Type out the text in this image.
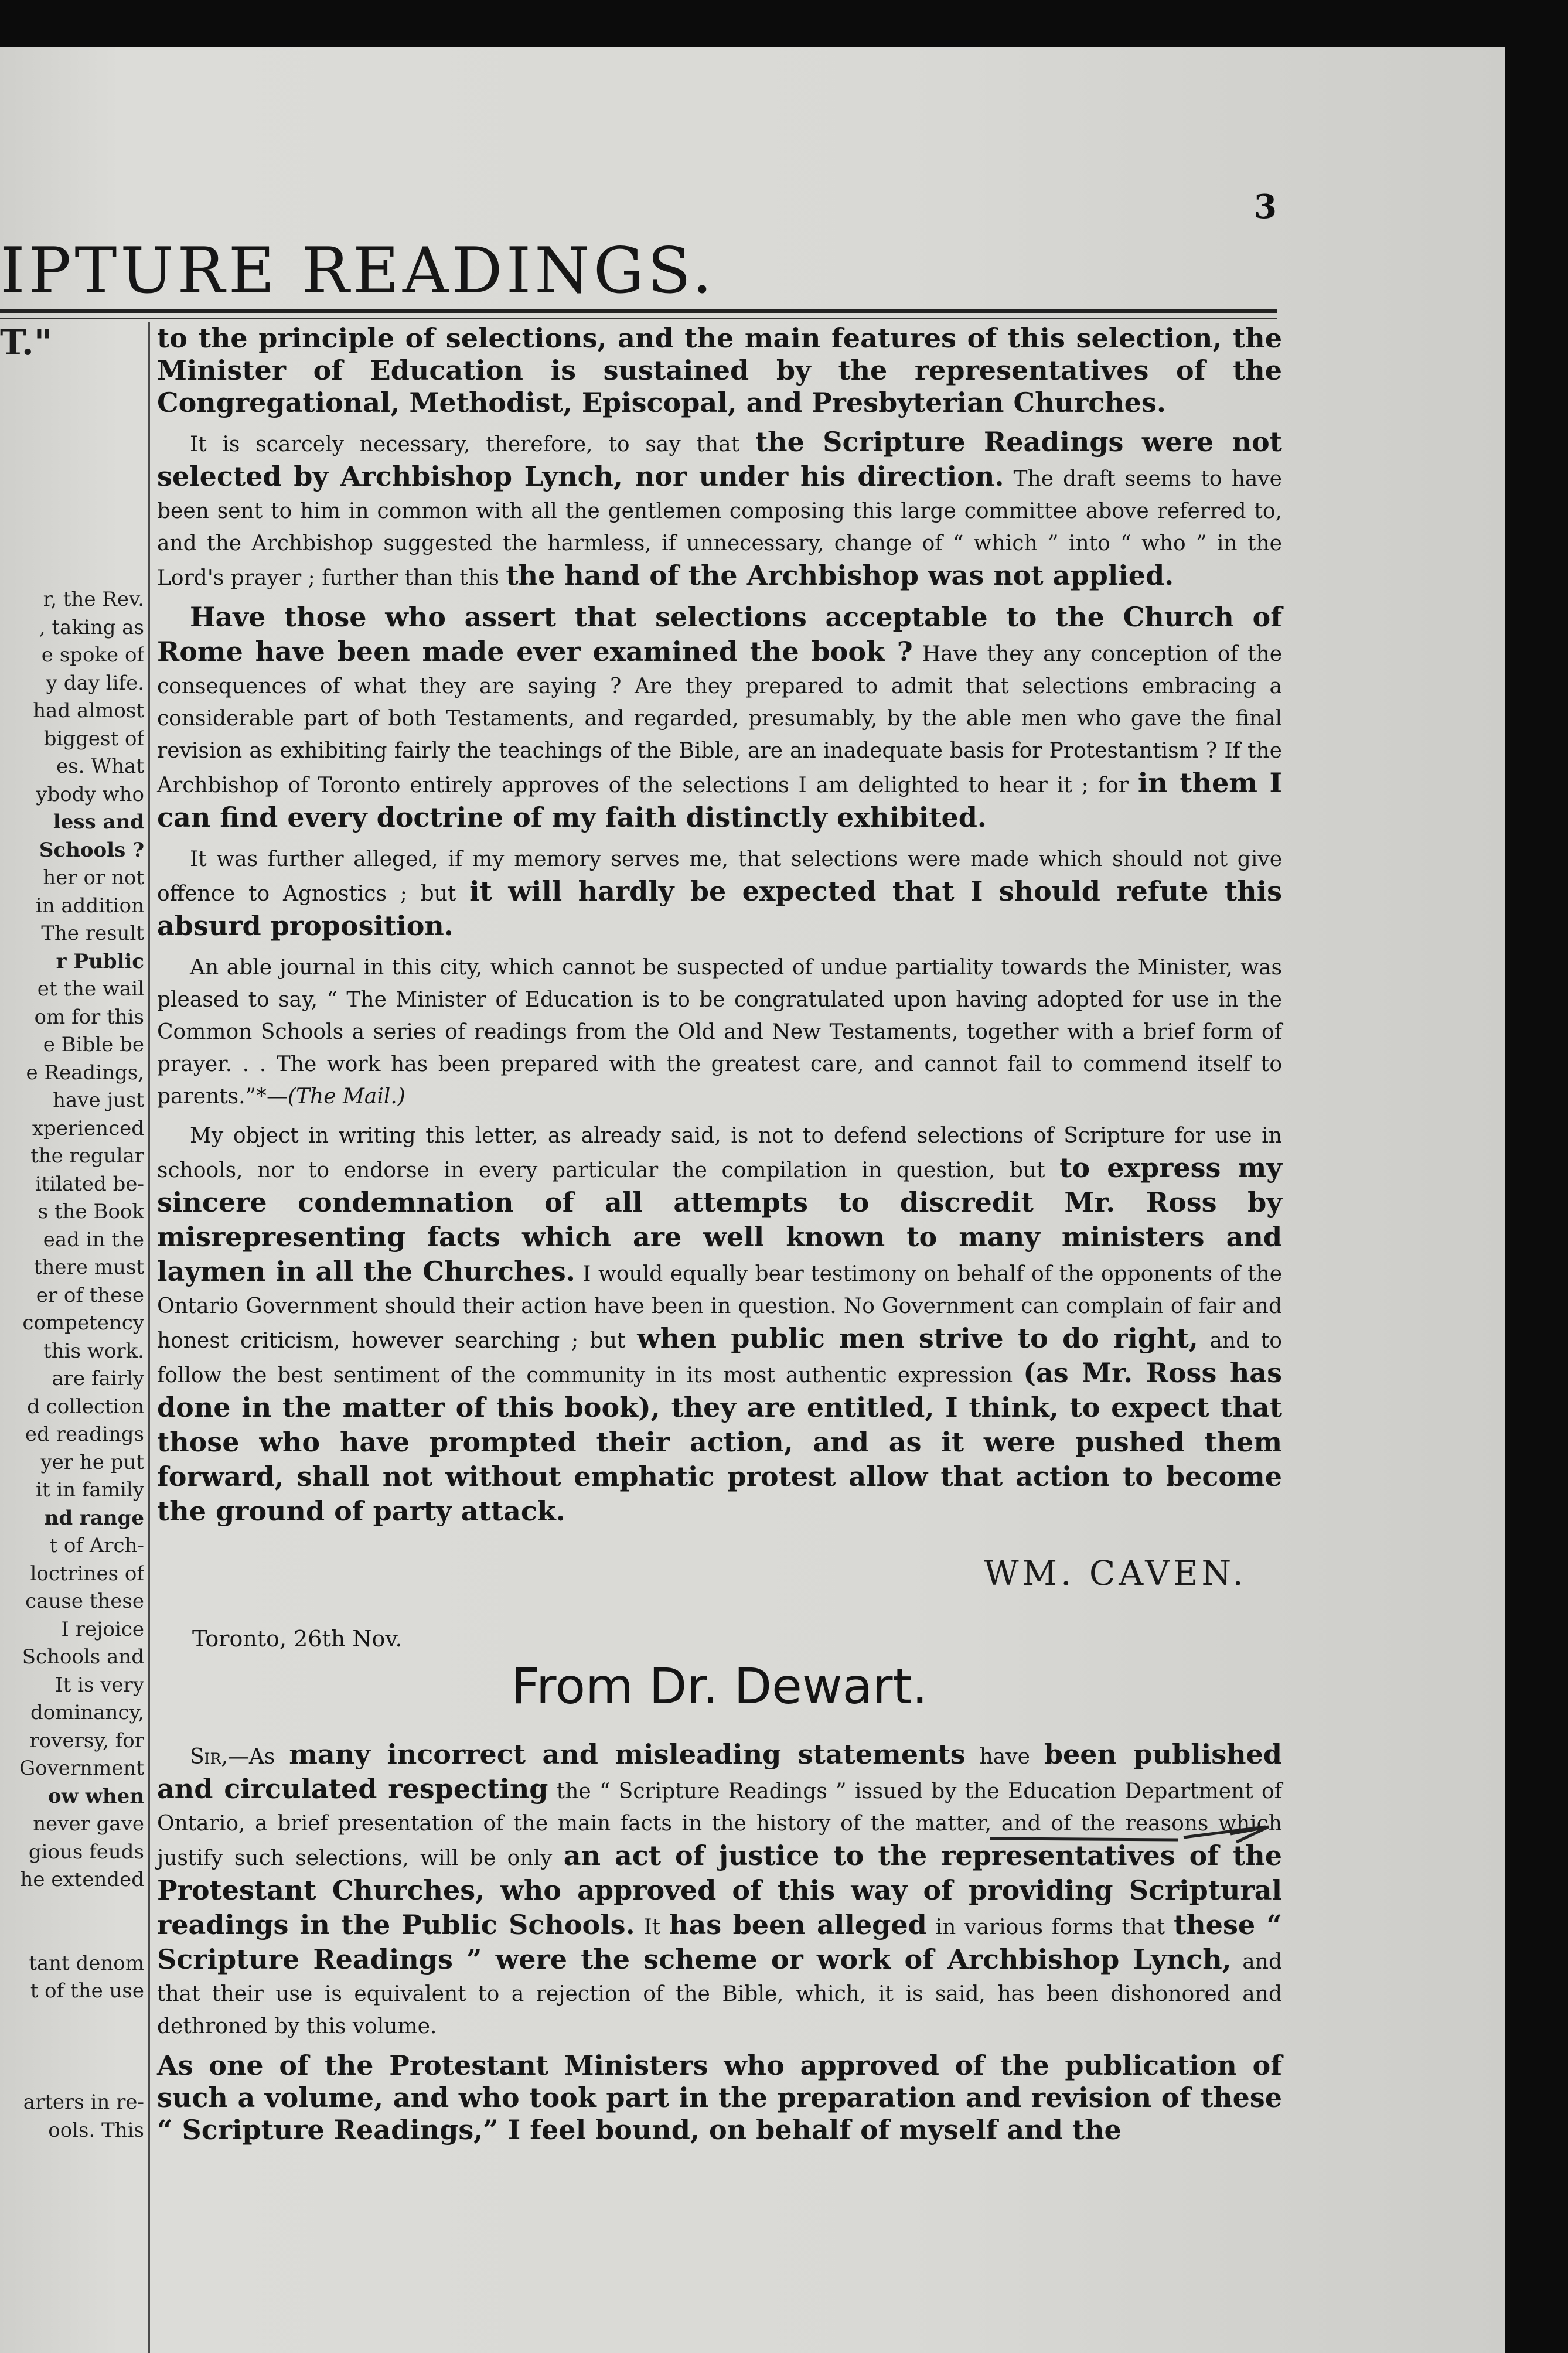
IPTURE READINGS.
3
T."
r, the Rev.
, taking as
e spoke of
y day life.
had almost
biggest of
es. What
ybody who
less and
Schools ?
her or not
in addition
The result
r Public
et the wail
om for this
e Bible be
e Readings,
have just
xperienced
the regular
itilated be-
s the Book
ead in the
there must
er of these
competency
this work.
are fairly
d collection
ed readings
yer he put
it in family
nd range
t of Arch-
loctrines of
cause these
I rejoice
Schools and
It is very
dominancy,
roversy, for
Government
ow when
never gave
gious feuds
he extended

tant denom
t of the use

arters in re-
ools. This

to the principle of selections, and the main features of this selection, the Minister of Education is sustained by the representatives of the Congregational, Methodist, Episcopal, and Presbyterian Churches.

It is scarcely necessary, therefore, to say that the Scripture Readings were not selected by Archbishop Lynch, nor under his direction. The draft seems to have been sent to him in common with all the gentlemen composing this large committee above referred to, and the Archbishop suggested the harmless, if unnecessary, change of “ which ” into “ who ” in the Lord's prayer ; further than this the hand of the Archbishop was not applied.

Have those who assert that selections acceptable to the Church of Rome have been made ever examined the book ? Have they any conception of the consequences of what they are saying ? Are they prepared to admit that selections embracing a considerable part of both Testaments, and regarded, presumably, by the able men who gave the final revision as exhibiting fairly the teachings of the Bible, are an inadequate basis for Protestantism ? If the Archbishop of Toronto entirely approves of the selections I am delighted to hear it ; for in them I can find every doctrine of my faith distinctly exhibited.

It was further alleged, if my memory serves me, that selections were made which should not give offence to Agnostics ; but it will hardly be expected that I should refute this absurd proposition.

An able journal in this city, which cannot be suspected of undue partiality towards the Minister, was pleased to say, “ The Minister of Education is to be congratulated upon having adopted for use in the Common Schools a series of readings from the Old and New Testaments, together with a brief form of prayer. . . The work has been prepared with the greatest care, and cannot fail to commend itself to parents.”*—(The Mail.)

My object in writing this letter, as already said, is not to defend selections of Scripture for use in schools, nor to endorse in every particular the compilation in question, but to express my sincere condemnation of all attempts to discredit Mr. Ross by misrepresenting facts which are well known to many ministers and laymen in all the Churches. I would equally bear testimony on behalf of the opponents of the Ontario Government should their action have been in question. No Government can complain of fair and honest criticism, however searching ; but when public men strive to do right, and to follow the best sentiment of the community in its most authentic expression (as Mr. Ross has done in the matter of this book), they are entitled, I think, to expect that those who have prompted their action, and as it were pushed them forward, shall not without emphatic protest allow that action to become the ground of party attack.

WM. CAVEN.
Toronto, 26th Nov.
From Dr. Dewart.

Sir,—As many incorrect and misleading statements have been published and circulated respecting the “ Scripture Readings ” issued by the Education Department of Ontario, a brief presentation of the main facts in the history of the matter, and of the reasons which justify such selections, will be only an act of justice to the representatives of the Protestant Churches, who approved of this way of providing Scriptural readings in the Public Schools. It has been alleged in various forms that these “ Scripture Readings ” were the scheme or work of Archbishop Lynch, and that their use is equivalent to a rejection of the Bible, which, it is said, has been dishonored and dethroned by this volume.

As one of the Protestant Ministers who approved of the publication of such a volume, and who took part in the preparation and revision of these “ Scripture Readings,” I feel bound, on behalf of myself and the
